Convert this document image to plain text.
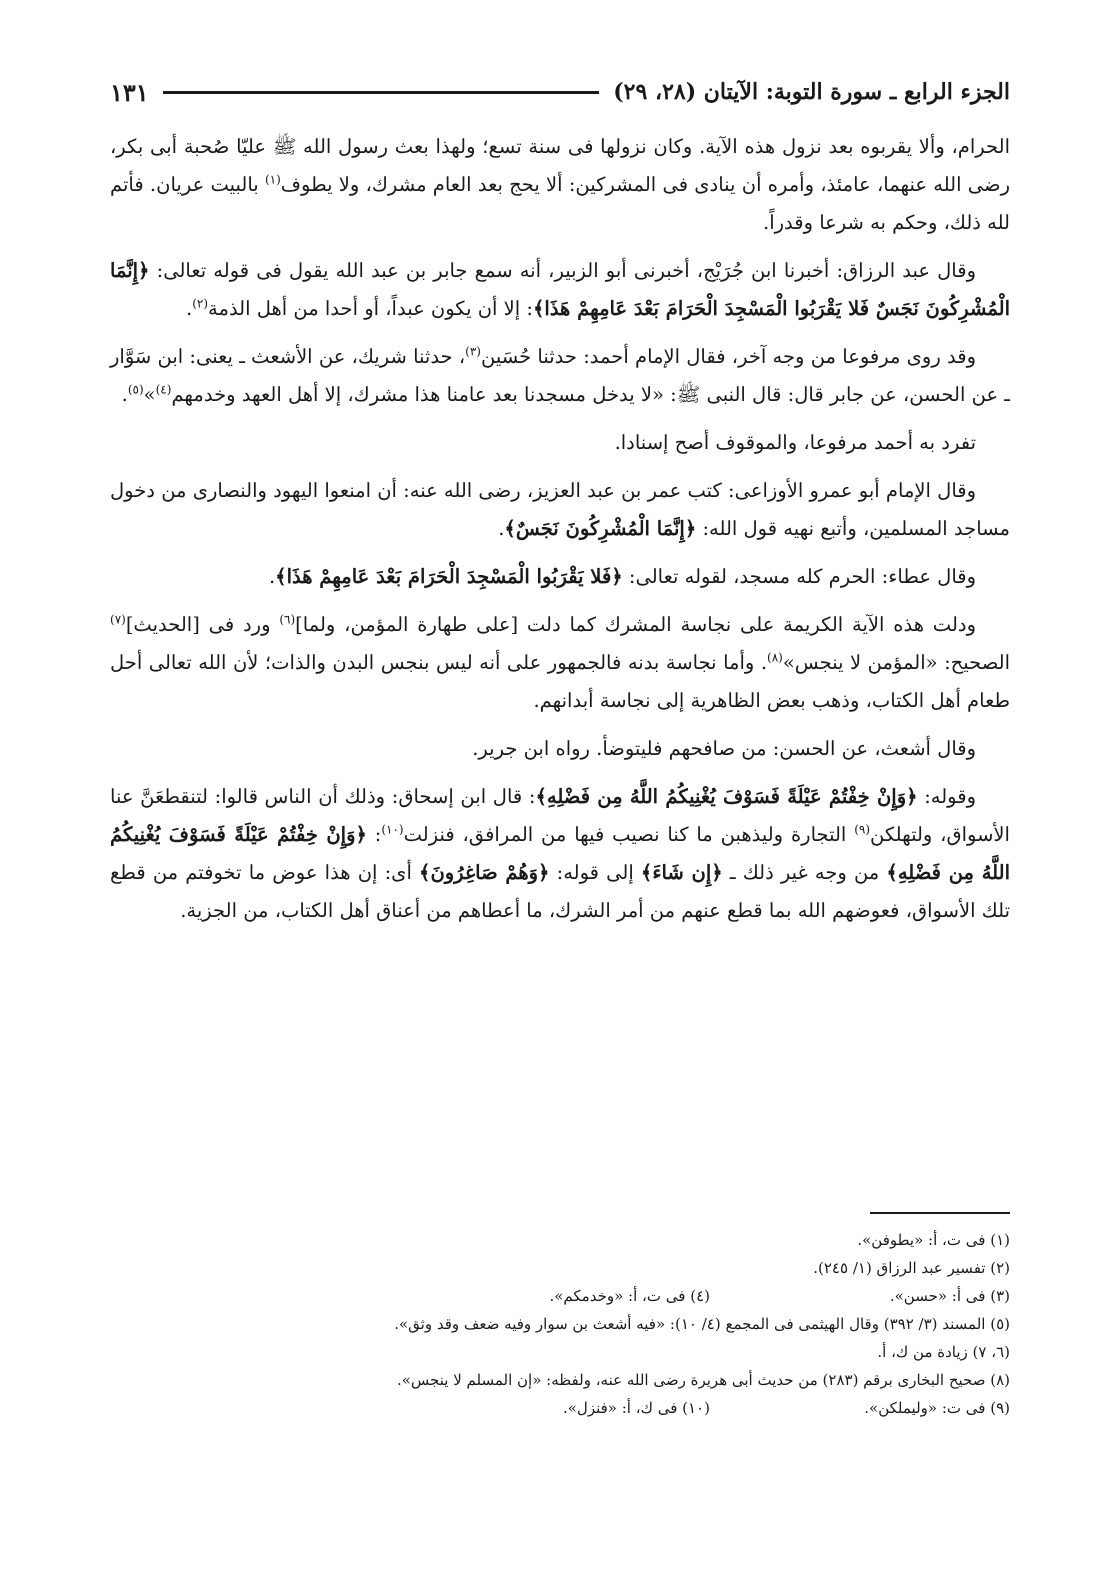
الجزء الرابع ـ سورة التوبة: الآيتان (٢٨، ٢٩)
١٣١

الحرام، وألا يقربوه بعد نزول هذه الآية. وكان نزولها فى سنة تسع؛ ولهذا بعث رسول الله ﷺ عليّا صُحبة أبى بكر، رضى الله عنهما، عامئذ، وأمره أن ينادى فى المشركين: ألا يحج بعد العام مشرك، ولا يطوف$^{(١)}$ بالبيت عريان. فأتم لله ذلك، وحكم به شرعا وقدراً.

وقال عبد الرزاق: أخبرنا ابن جُرَيْج، أخبرنى أبو الزبير، أنه سمع جابر بن عبد الله يقول فى قوله تعالى: ﴿إِنَّمَا الْمُشْرِكُونَ نَجَسٌ فَلا يَقْرَبُوا الْمَسْجِدَ الْحَرَامَ بَعْدَ عَامِهِمْ هَذَا﴾: إلا أن يكون عبداً، أو أحدا من أهل الذمة$^{(٢)}$.

وقد روى مرفوعا من وجه آخر، فقال الإمام أحمد: حدثنا حُسَين$^{(٣)}$، حدثنا شريك، عن الأشعث ـ يعنى: ابن سَوَّار ـ عن الحسن، عن جابر قال: قال النبى ﷺ: «لا يدخل مسجدنا بعد عامنا هذا مشرك، إلا أهل العهد وخدمهم$^{(٤)}$»$^{(٥)}$.

تفرد به أحمد مرفوعا، والموقوف أصح إسنادا.

وقال الإمام أبو عمرو الأوزاعى: كتب عمر بن عبد العزيز، رضى الله عنه: أن امنعوا اليهود والنصارى من دخول مساجد المسلمين، وأتبع نهيه قول الله: ﴿إِنَّمَا الْمُشْرِكُونَ نَجَسٌ﴾.

وقال عطاء: الحرم كله مسجد، لقوله تعالى: ﴿فَلا يَقْرَبُوا الْمَسْجِدَ الْحَرَامَ بَعْدَ عَامِهِمْ هَذَا﴾.

ودلت هذه الآية الكريمة على نجاسة المشرك كما دلت [على طهارة المؤمن، ولما]$^{(٦)}$ ورد فى [الحديث]$^{(٧)}$ الصحيح: «المؤمن لا ينجس»$^{(٨)}$. وأما نجاسة بدنه فالجمهور على أنه ليس بنجس البدن والذات؛ لأن الله تعالى أحل طعام أهل الكتاب، وذهب بعض الظاهرية إلى نجاسة أبدانهم.

وقال أشعث، عن الحسن: من صافحهم فليتوضأ. رواه ابن جرير.

وقوله: ﴿وَإِنْ خِفْتُمْ عَيْلَةً فَسَوْفَ يُغْنِيكُمُ اللَّهُ مِن فَضْلِهِ﴾: قال ابن إسحاق: وذلك أن الناس قالوا: لتنقطعَنَّ عنا الأسواق، ولتهلكن$^{(٩)}$ التجارة وليذهبن ما كنا نصيب فيها من المرافق، فنزلت$^{(١٠)}$: ﴿وَإِنْ خِفْتُمْ عَيْلَةً فَسَوْفَ يُغْنِيكُمُ اللَّهُ مِن فَضْلِهِ﴾ من وجه غير ذلك ـ ﴿إِن شَاءَ﴾ إلى قوله: ﴿وَهُمْ صَاغِرُونَ﴾ أى: إن هذا عوض ما تخوفتم من قطع تلك الأسواق، فعوضهم الله بما قطع عنهم من أمر الشرك، ما أعطاهم من أعناق أهل الكتاب، من الجزية.

(١) فى ت، أ: «يطوفن».
(٢) تفسير عبد الرزاق (١/ ٢٤٥).
(٣) فى أ: «حسن».
(٤) فى ت، أ: «وخدمكم».
(٥) المسند (٣/ ٣٩٢) وقال الهيثمى فى المجمع (٤/ ١٠): «فيه أشعث بن سوار وفيه ضعف وقد وثق».
(٦، ٧) زيادة من ك، أ.
(٨) صحيح البخارى برقم (٢٨٣) من حديث أبى هريرة رضى الله عنه، ولفظه: «إن المسلم لا ينجس».
(٩) فى ت: «وليملكن».
(١٠) فى ك، أ: «فنزل».
